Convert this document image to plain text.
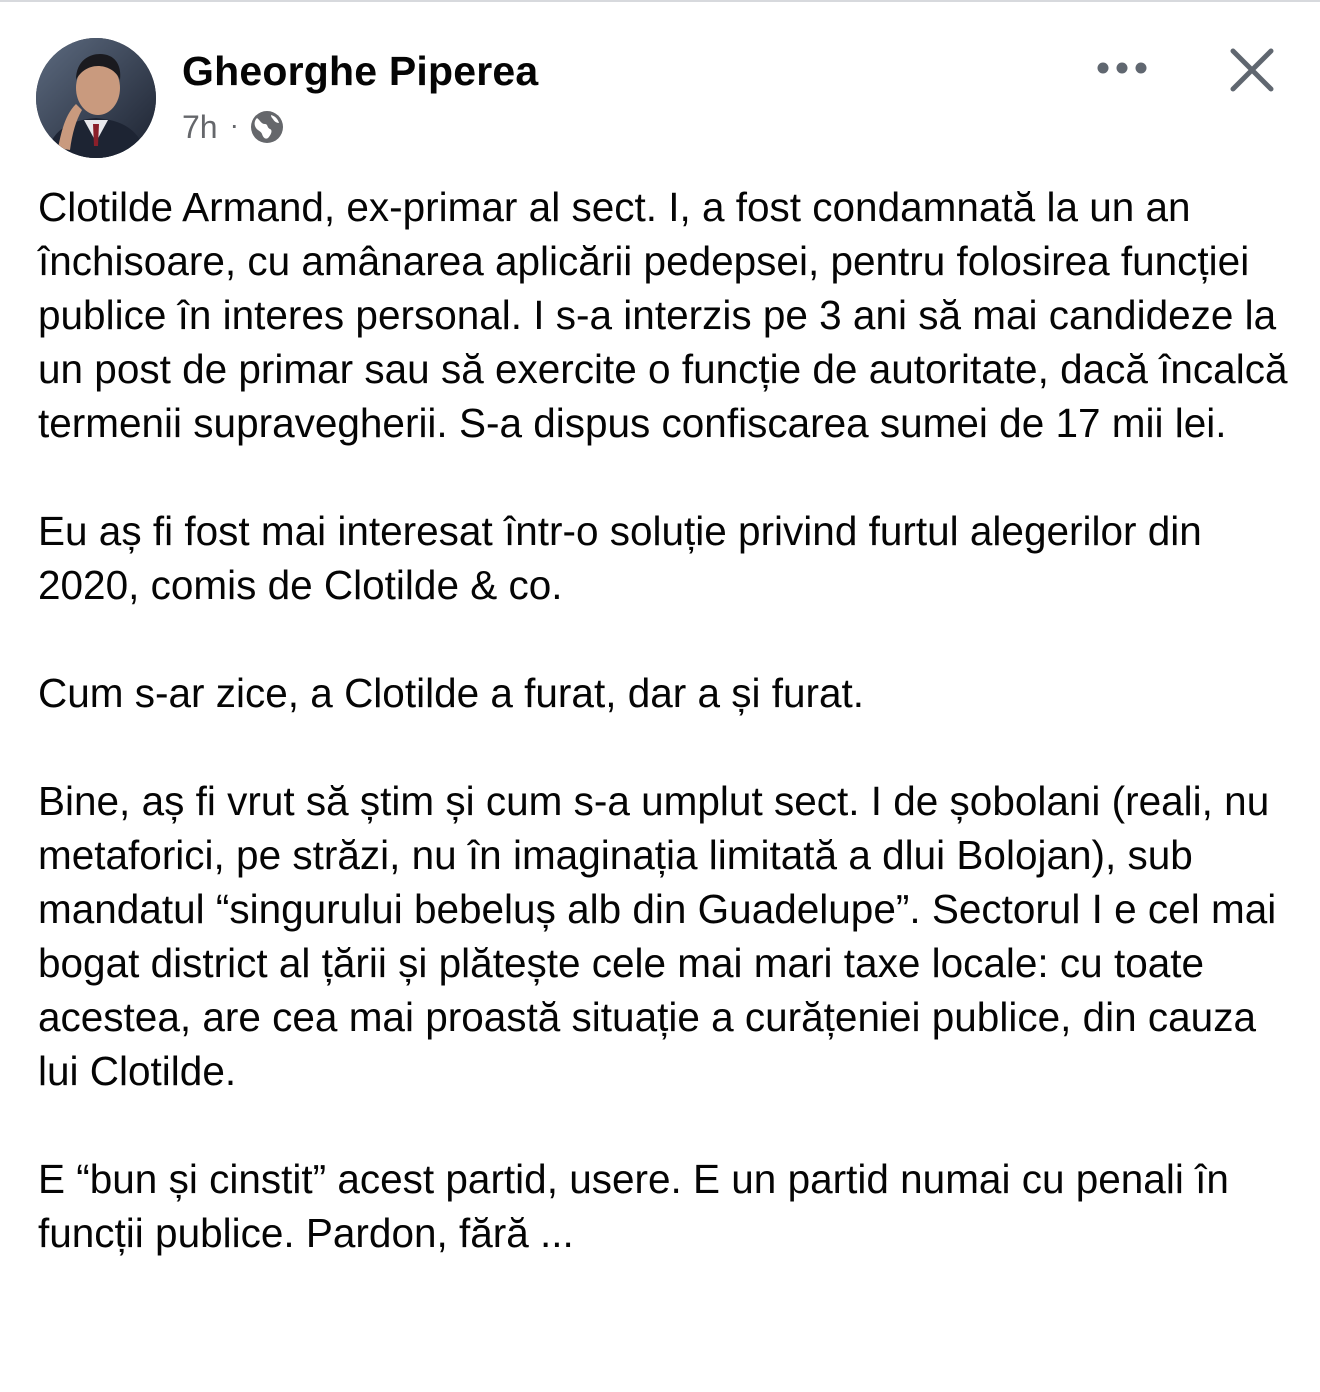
Gheorghe Piperea
7h ·

Clotilde Armand, ex-primar al sect. I, a fost condamnată la un an închisoare, cu amânarea aplicării pedepsei, pentru folosirea funcției publice în interes personal. I s-a interzis pe 3 ani să mai candideze la un post de primar sau să exercite o funcție de autoritate, dacă încalcă termenii supravegherii. S-a dispus confiscarea sumei de 17 mii lei.

Eu aș fi fost mai interesat într-o soluție privind furtul alegerilor din 2020, comis de Clotilde & co.

Cum s-ar zice, a Clotilde a furat, dar a și furat.

Bine, aș fi vrut să știm și cum s-a umplut sect. I de șobolani (reali, nu metaforici, pe străzi, nu în imaginația limitată a dlui Bolojan), sub mandatul “singurului bebeluș alb din Guadelupe”. Sectorul I e cel mai bogat district al țării și plătește cele mai mari taxe locale: cu toate acestea, are cea mai proastă situație a curățeniei publice, din cauza lui Clotilde.

E “bun și cinstit” acest partid, usere. E un partid numai cu penali în funcții publice. Pardon, fără ...
